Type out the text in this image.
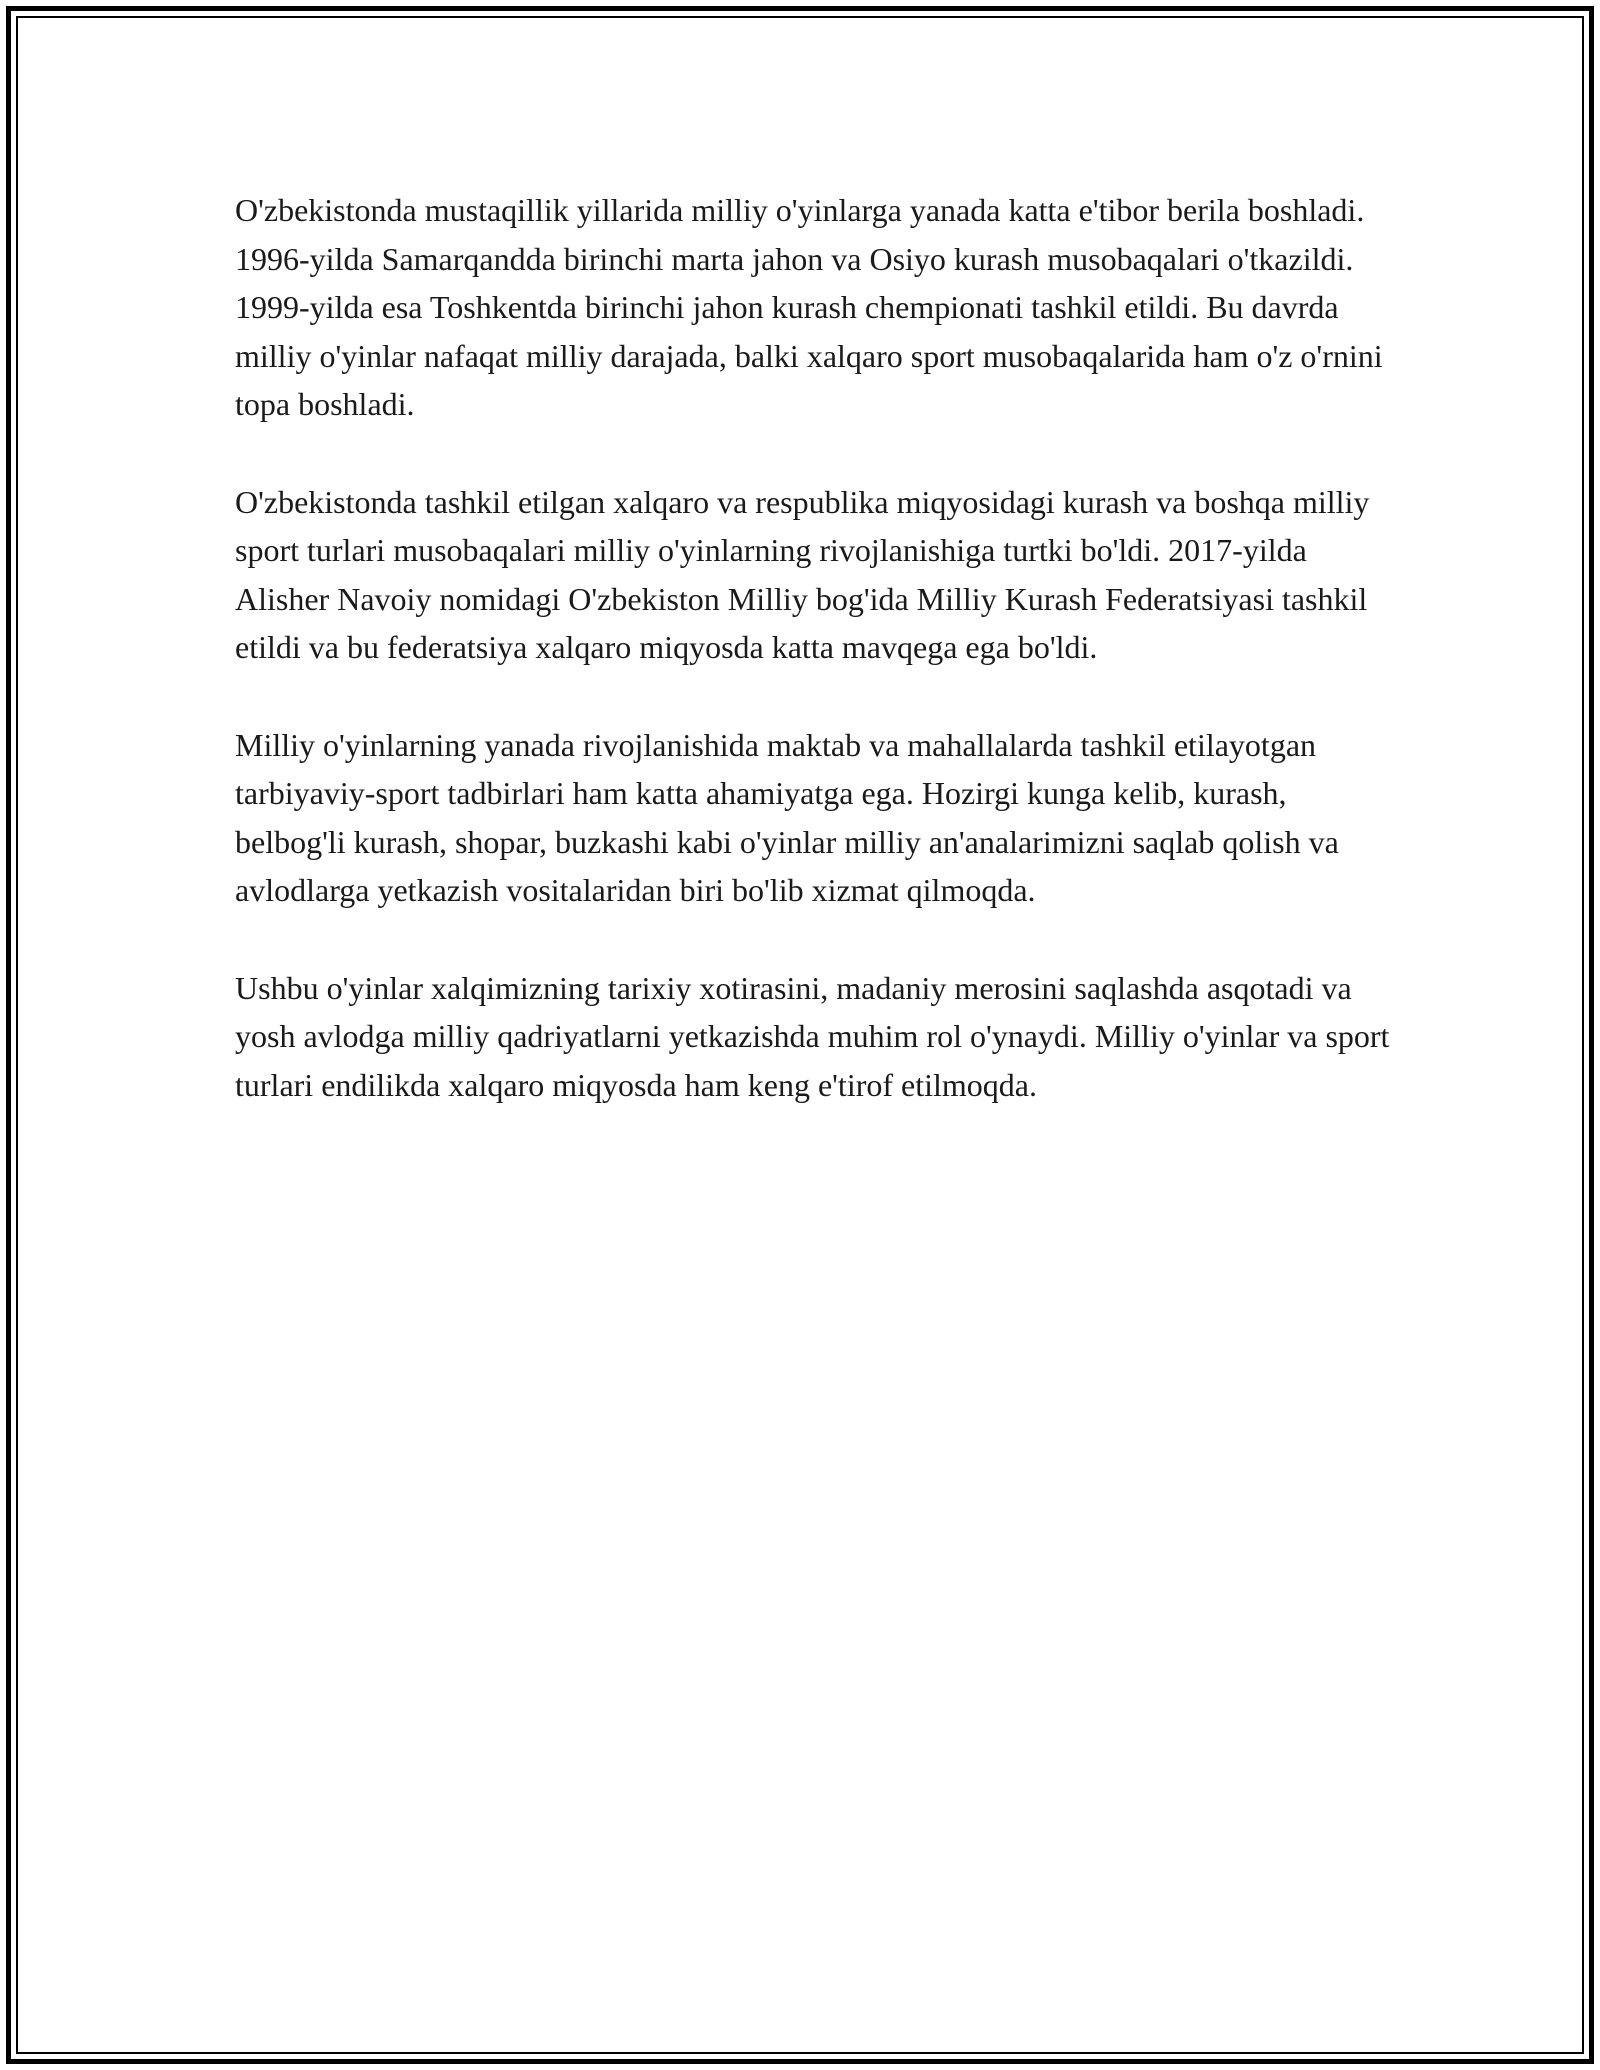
O'zbekistonda mustaqillik yillarida milliy o'yinlarga yanada katta e'tibor berila boshladi. 1996-yilda Samarqandda birinchi marta jahon va Osiyo kurash musobaqalari o'tkazildi. 1999-yilda esa Toshkentda birinchi jahon kurash chempionati tashkil etildi. Bu davrda milliy o'yinlar nafaqat milliy darajada, balki xalqaro sport musobaqalarida ham o'z o'rnini topa boshladi.

O'zbekistonda tashkil etilgan xalqaro va respublika miqyosidagi kurash va boshqa milliy sport turlari musobaqalari milliy o'yinlarning rivojlanishiga turtki bo'ldi. 2017-yilda Alisher Navoiy nomidagi O'zbekiston Milliy bog'ida Milliy Kurash Federatsiyasi tashkil etildi va bu federatsiya xalqaro miqyosda katta mavqega ega bo'ldi.

Milliy o'yinlarning yanada rivojlanishida maktab va mahallalarda tashkil etilayotgan tarbiyaviy-sport tadbirlari ham katta ahamiyatga ega. Hozirgi kunga kelib, kurash, belbog'li kurash, shopar, buzkashi kabi o'yinlar milliy an'analarimizni saqlab qolish va avlodlarga yetkazish vositalaridan biri bo'lib xizmat qilmoqda.

Ushbu o'yinlar xalqimizning tarixiy xotirasini, madaniy merosini saqlashda asqotadi va yosh avlodga milliy qadriyatlarni yetkazishda muhim rol o'ynaydi. Milliy o'yinlar va sport turlari endilikda xalqaro miqyosda ham keng e'tirof etilmoqda.
